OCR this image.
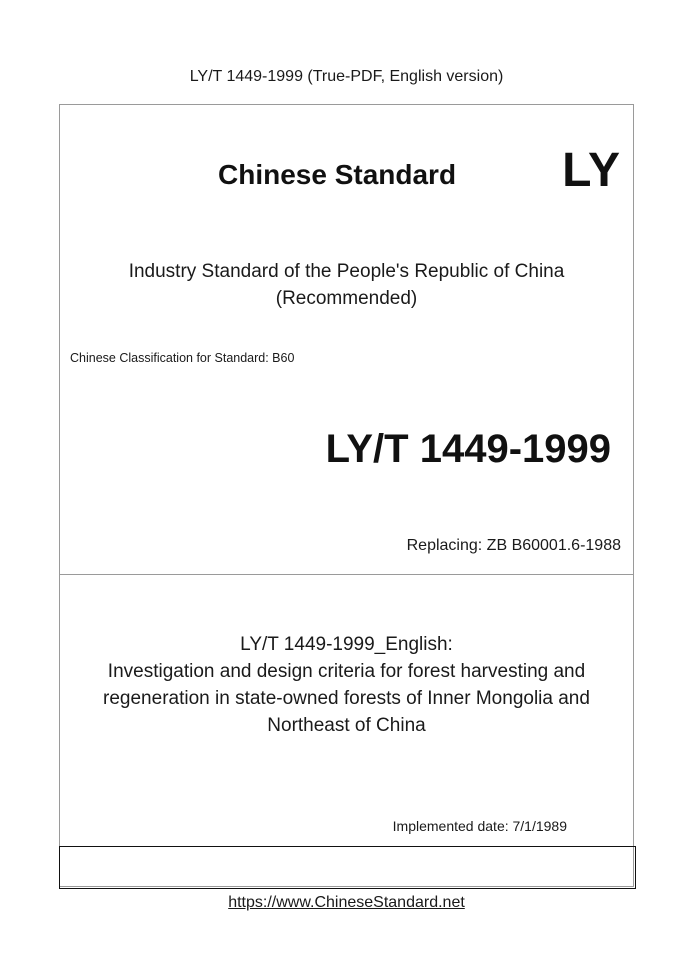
LY/T 1449-1999 (True-PDF, English version)
Chinese Standard LY
Industry Standard of the People's Republic of China
(Recommended)
Chinese Classification for Standard: B60
LY/T 1449-1999
Replacing: ZB B60001.6-1988
LY/T 1449-1999_English:
Investigation and design criteria for forest harvesting and
regeneration in state-owned forests of Inner Mongolia and
Northeast of China
Implemented date: 7/1/1989
https://www.ChineseStandard.net
